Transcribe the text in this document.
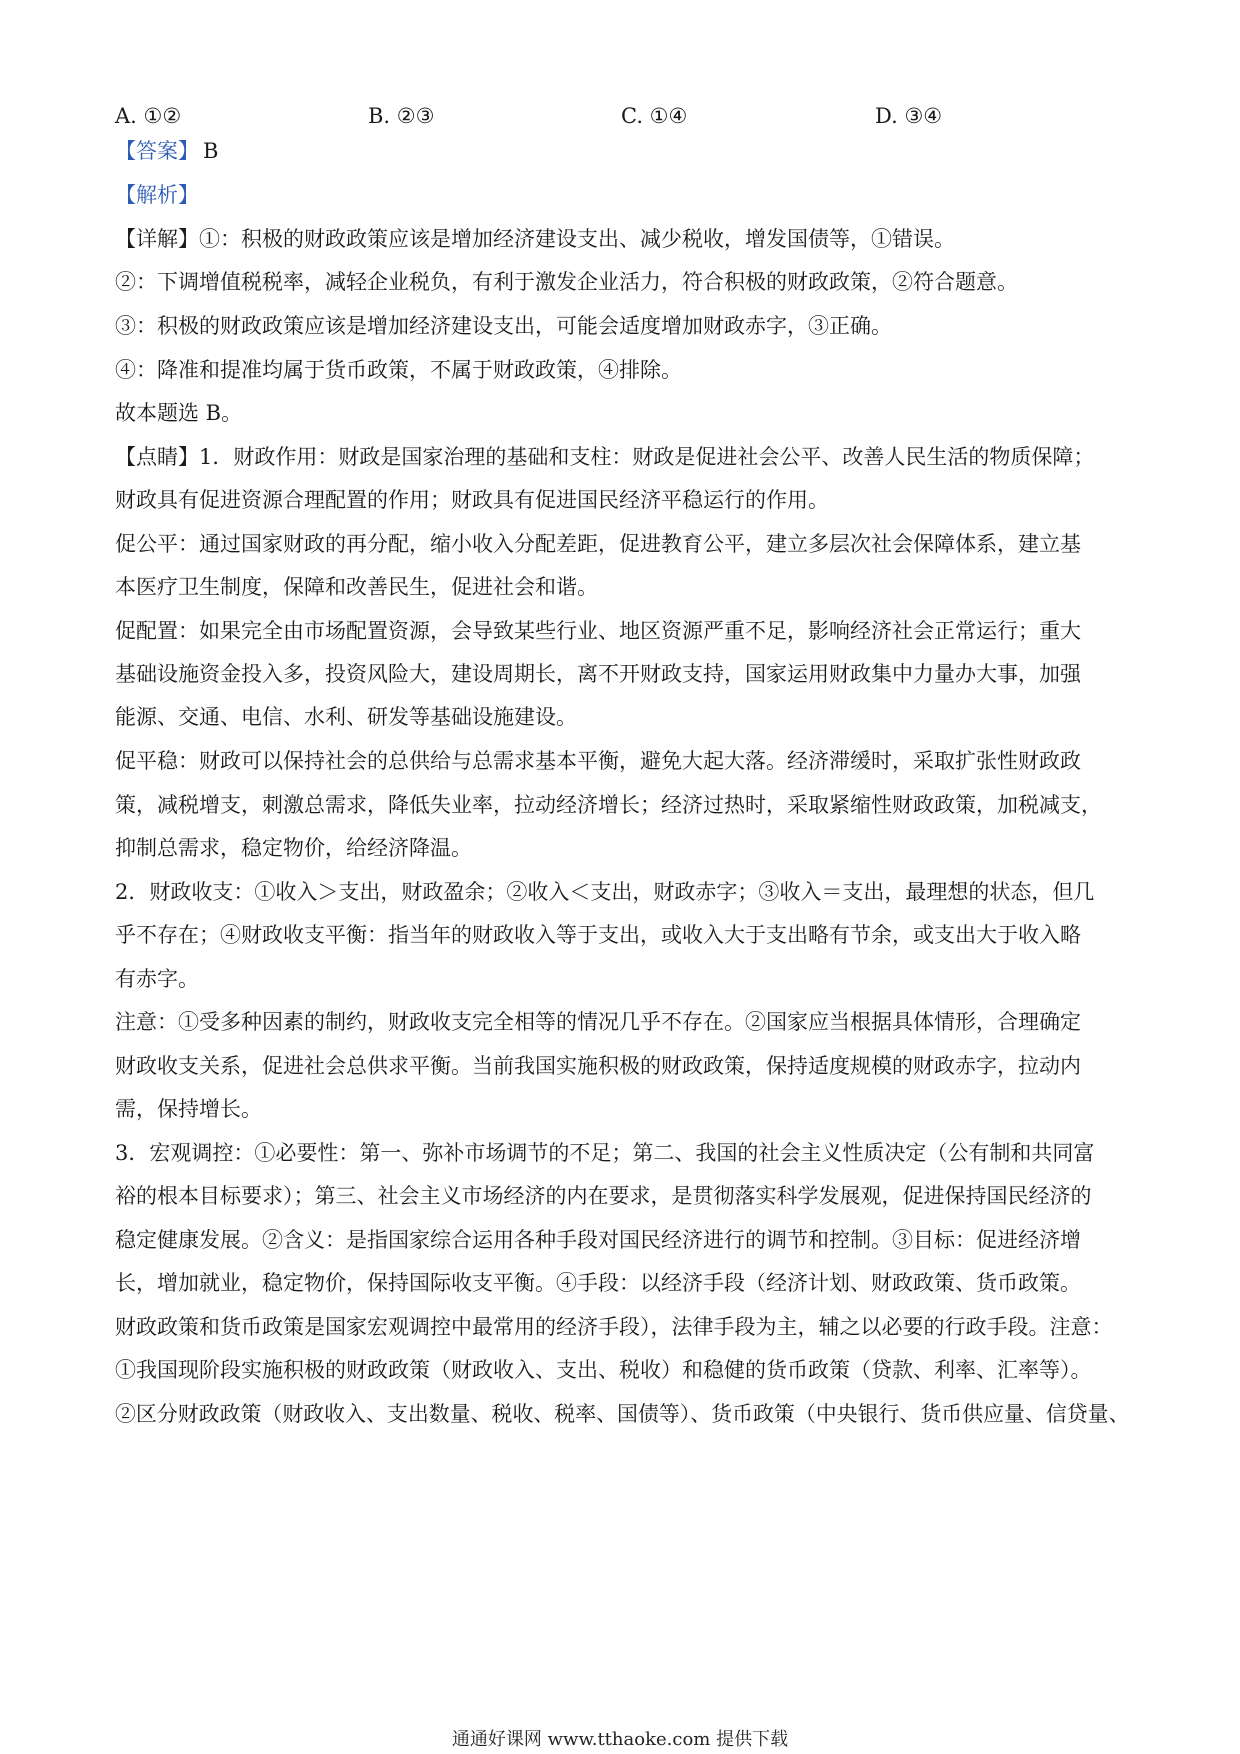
A. ①②	B. ②③	C. ①④	D. ③④
【答案】 B
【解析】
【详解】①：积极的财政政策应该是增加经济建设支出、减少税收，增发国债等，①错误。
②：下调增值税税率，减轻企业税负，有利于激发企业活力，符合积极的财政政策，②符合题意。
③：积极的财政政策应该是增加经济建设支出，可能会适度增加财政赤字，③正确。
④：降准和提准均属于货币政策，不属于财政政策，④排除。
故本题选 B。
【点睛】1．财政作用：财政是国家治理的基础和支柱：财政是促进社会公平、改善人民生活的物质保障；
财政具有促进资源合理配置的作用；财政具有促进国民经济平稳运行的作用。
促公平：通过国家财政的再分配，缩小收入分配差距，促进教育公平，建立多层次社会保障体系，建立基
本医疗卫生制度，保障和改善民生，促进社会和谐。
促配置：如果完全由市场配置资源，会导致某些行业、地区资源严重不足，影响经济社会正常运行；重大
基础设施资金投入多，投资风险大，建设周期长，离不开财政支持，国家运用财政集中力量办大事，加强
能源、交通、电信、水利、研发等基础设施建设。
促平稳：财政可以保持社会的总供给与总需求基本平衡，避免大起大落。经济滞缓时，采取扩张性财政政
策，减税增支，刺激总需求，降低失业率，拉动经济增长；经济过热时，采取紧缩性财政政策，加税减支，
抑制总需求，稳定物价，给经济降温。
2．财政收支：①收入＞支出，财政盈余；②收入＜支出，财政赤字；③收入＝支出，最理想的状态，但几
乎不存在；④财政收支平衡：指当年的财政收入等于支出，或收入大于支出略有节余，或支出大于收入略
有赤字。
注意：①受多种因素的制约，财政收支完全相等的情况几乎不存在。②国家应当根据具体情形，合理确定
财政收支关系，促进社会总供求平衡。当前我国实施积极的财政政策，保持适度规模的财政赤字，拉动内
需，保持增长。
3．宏观调控：①必要性：第一、弥补市场调节的不足；第二、我国的社会主义性质决定（公有制和共同富
裕的根本目标要求）；第三、社会主义市场经济的内在要求，是贯彻落实科学发展观，促进保持国民经济的
稳定健康发展。②含义：是指国家综合运用各种手段对国民经济进行的调节和控制。③目标：促进经济增
长，增加就业，稳定物价，保持国际收支平衡。④手段：以经济手段（经济计划、财政政策、货币政策。
财政政策和货币政策是国家宏观调控中最常用的经济手段），法律手段为主，辅之以必要的行政手段。注意：
①我国现阶段实施积极的财政政策（财政收入、支出、税收）和稳健的货币政策（贷款、利率、汇率等）。
②区分财政政策（财政收入、支出数量、税收、税率、国债等）、货币政策（中央银行、货币供应量、信贷量、
通通好课网 www.tthaoke.com 提供下载
